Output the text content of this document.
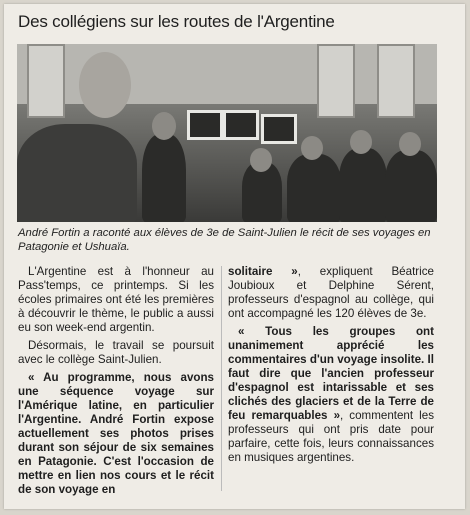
Des collégiens sur les routes de l'Argentine
André Fortin a raconté aux élèves de 3e de Saint-Julien le récit de ses voyages en Patagonie et Ushuaïa.

L'Argentine est à l'honneur au Pass'temps, ce printemps. Si les écoles primaires ont été les premières à découvrir le thème, le public a aussi eu son week-end argentin.

Désormais, le travail se poursuit avec le collège Saint-Julien.

« Au programme, nous avons une séquence voyage sur l'Amérique latine, en particulier l'Argentine. André Fortin expose actuellement ses photos prises durant son séjour de six semaines en Patagonie. C'est l'occasion de mettre en lien nos cours et le récit de son voyage en

solitaire », expliquent Béatrice Joubioux et Delphine Sérent, professeurs d'espagnol au collège, qui ont accompagné les 120 élèves de 3e.

« Tous les groupes ont unanimement apprécié les commentaires d'un voyage insolite. Il faut dire que l'ancien professeur d'espagnol est intarissable et ses clichés des glaciers et de la Terre de feu remarquables », commentent les professeurs qui ont pris date pour parfaire, cette fois, leurs connaissances en musiques argentines.
